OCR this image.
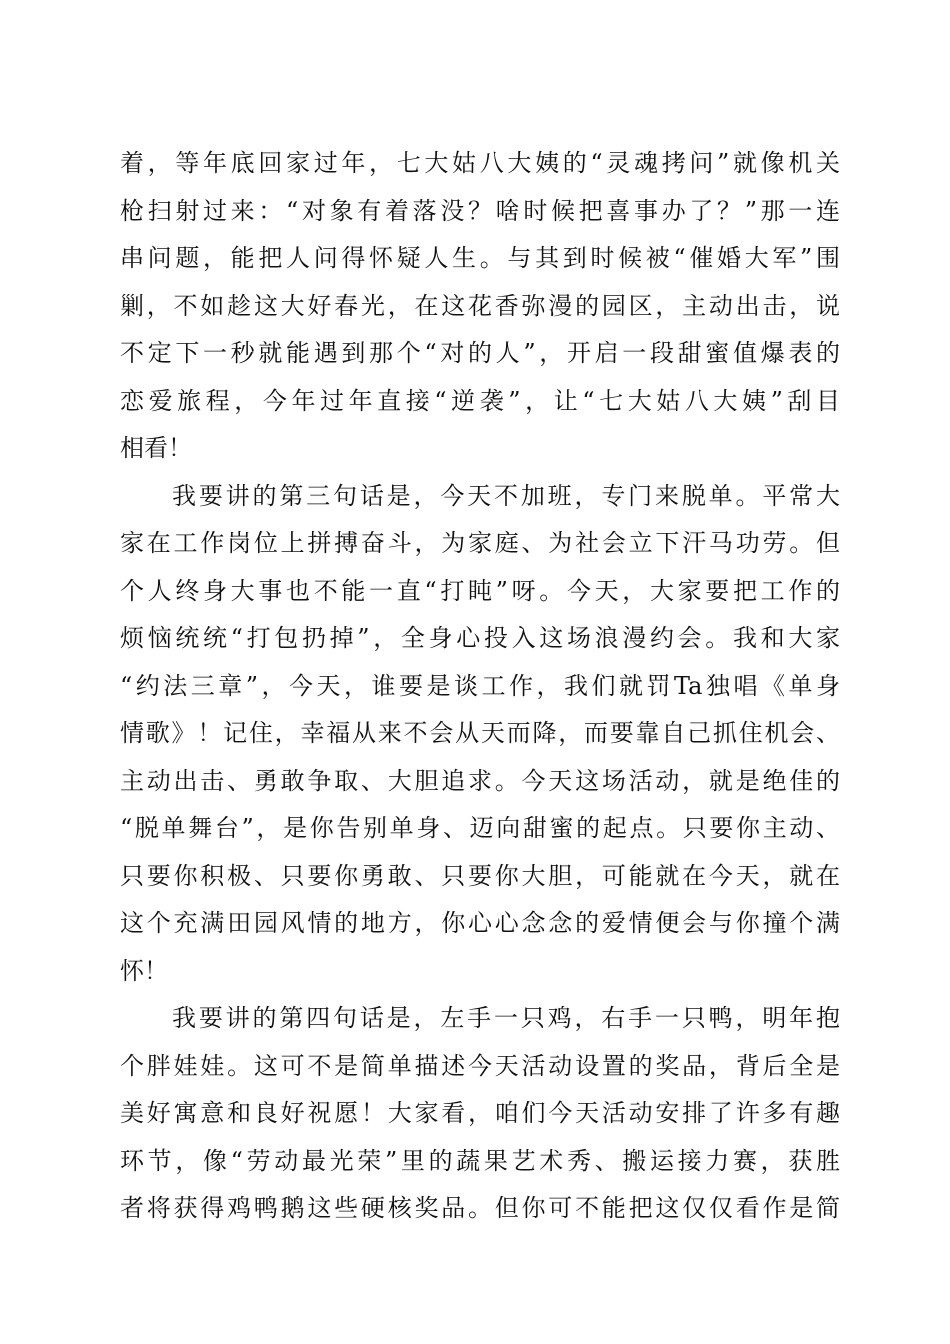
着，等年底回家过年，七大姑八大姨的“灵魂拷问”就像机关
枪扫射过来：“对象有着落没？啥时候把喜事办了？”那一连
串问题，能把人问得怀疑人生。与其到时候被“催婚大军”围
剿，不如趁这大好春光，在这花香弥漫的园区，主动出击，说
不定下一秒就能遇到那个“对的人”，开启一段甜蜜值爆表的
恋爱旅程，今年过年直接“逆袭”，让“七大姑八大姨”刮目
相看！
我要讲的第三句话是，今天不加班，专门来脱单。平常大
家在工作岗位上拼搏奋斗，为家庭、为社会立下汗马功劳。但
个人终身大事也不能一直“打盹”呀。今天，大家要把工作的
烦恼统统“打包扔掉”，全身心投入这场浪漫约会。我和大家
“约法三章”，今天，谁要是谈工作，我们就罚Ta独唱《单身
情歌》！记住，幸福从来不会从天而降，而要靠自己抓住机会、
主动出击、勇敢争取、大胆追求。今天这场活动，就是绝佳的
“脱单舞台”，是你告别单身、迈向甜蜜的起点。只要你主动、
只要你积极、只要你勇敢、只要你大胆，可能就在今天，就在
这个充满田园风情的地方，你心心念念的爱情便会与你撞个满
怀！
我要讲的第四句话是，左手一只鸡，右手一只鸭，明年抱
个胖娃娃。这可不是简单描述今天活动设置的奖品，背后全是
美好寓意和良好祝愿！大家看，咱们今天活动安排了许多有趣
环节，像“劳动最光荣”里的蔬果艺术秀、搬运接力赛，获胜
者将获得鸡鸭鹅这些硬核奖品。但你可不能把这仅仅看作是简
